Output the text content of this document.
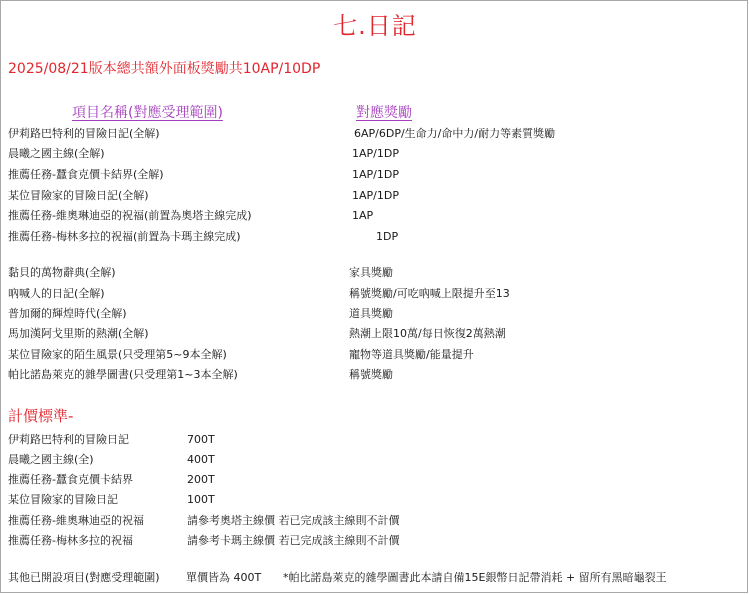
七.日記
2025/08/21版本總共額外面板獎勵共10AP/10DP
項目名稱(對應受理範圍)	對應獎勵
伊莉路巴特利的冒險日記(全解)	6AP/6DP/生命力/命中力/耐力等素質獎勵
晨曦之國主線(全解)	1AP/1DP
推薦任務-蠶食克價卡結界(全解)	1AP/1DP
某位冒險家的冒險日記(全解)	1AP/1DP
推薦任務-維奧琳迪亞的祝福(前置為奧塔主線完成)	1AP
推薦任務-梅林多拉的祝福(前置為卡瑪主線完成)	1DP
黏貝的萬物辭典(全解)	家具獎勵
吶喊人的日記(全解)	稱號獎勵/可吃吶喊上限提升至13
普加爾的輝煌時代(全解)	道具獎勵
馬加漢阿戈里斯的熱潮(全解)	熱潮上限10萬/每日恢復2萬熱潮
某位冒險家的陌生風景(只受理第5~9本全解)	寵物等道具獎勵/能量提升
帕比諾島萊克的雜學圖書(只受理第1~3本全解)	稱號獎勵
計價標準-
伊莉路巴特利的冒險日記	700T
晨曦之國主線(全)	400T
推薦任務-蠶食克價卡結界	200T
某位冒險家的冒險日記	100T
推薦任務-維奧琳迪亞的祝福	請參考奧塔主線價 若已完成該主線則不計價
推薦任務-梅林多拉的祝福	請參考卡瑪主線價 若已完成該主線則不計價
其他已開設項目(對應受理範圍) 單價皆為 400T *帕比諾島萊克的雜學圖書此本請自備15E銀幣日記帶消耗 + 留所有黑暗龜裂王
